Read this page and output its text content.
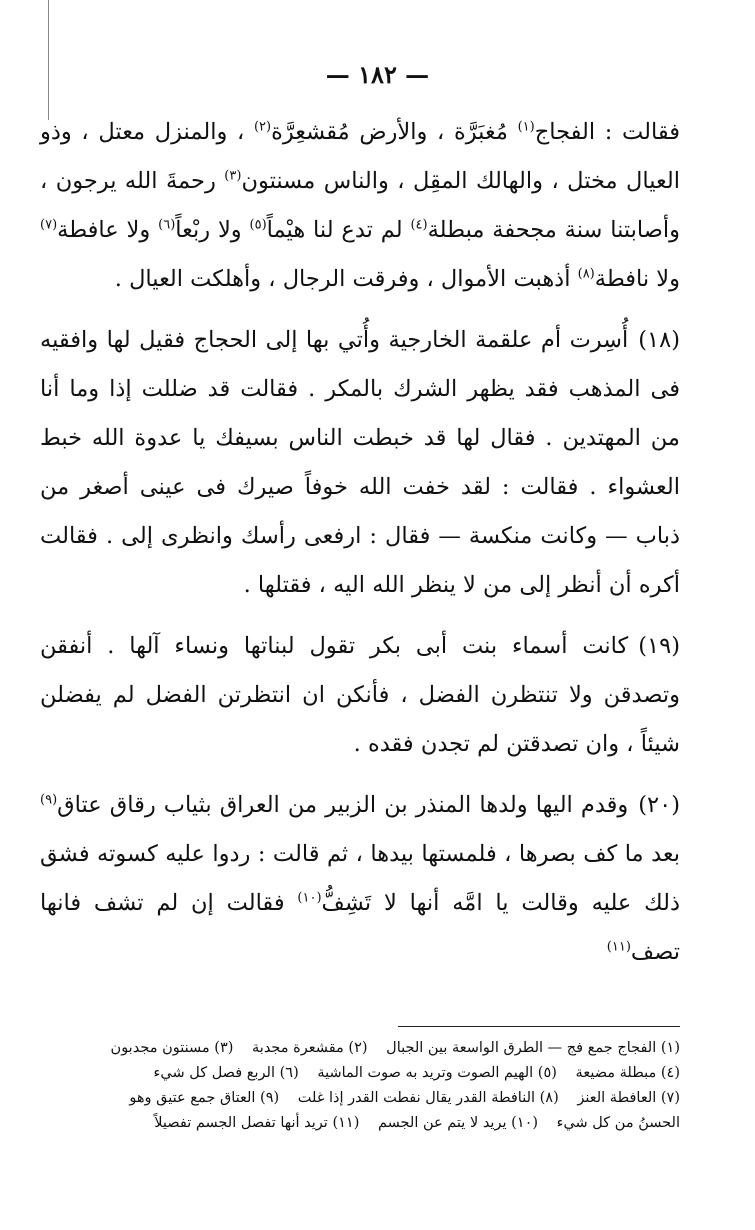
— ١٨٢ —

فقالت : الفجاج$^{(١)}$ مُغبَرَّة ، والأرض مُقشعِرَّة$^{(٢)}$ ، والمنزل معتل ، وذو العيال مختل ، والهالك المقِل ، والناس مسنتون$^{(٣)}$ رحمةَ الله يرجون ، وأصابتنا سنة مجحفة مبطلة$^{(٤)}$ لم تدع لنا هيْماً$^{(٥)}$ ولا ربْعاً$^{(٦)}$ ولا عافطة$^{(٧)}$ ولا نافطة$^{(٨)}$ أذهبت الأموال ، وفرقت الرجال ، وأهلكت العيال .

(١٨)أُسِرت أم علقمة الخارجية وأُتي بها إلى الحجاج فقيل لها وافقيه فى المذهب فقد يظهر الشرك بالمكر . فقالت قد ضللت إذا وما أنا من المهتدين . فقال لها قد خبطت الناس بسيفك يا عدوة الله خبط العشواء . فقالت : لقد خفت الله خوفاً صيرك فى عينى أصغر من ذباب — وكانت منكسة — فقال : ارفعى رأسك وانظرى إلى . فقالت أكره أن أنظر إلى من لا ينظر الله اليه ، فقتلها .

(١٩)كانت أسماء بنت أبى بكر تقول لبناتها ونساء آلها . أنفقن وتصدقن ولا تنتظرن الفضل ، فأنكن ان انتظرتن الفضل لم يفضلن شيئاً ، وان تصدقتن لم تجدن فقده .

(٢٠)وقدم اليها ولدها المنذر بن الزبير من العراق بثياب رقاق عتاق$^{(٩)}$ بعد ما كف بصرها ، فلمستها بيدها ، ثم قالت : ردوا عليه كسوته فشق ذلك عليه وقالت يا امَّه أنها لا تَشِفُّ$^{(١٠)}$ فقالت إن لم تشف فانها تصف$^{(١١)}$

(١) الفجاج جمع فج — الطرق الواسعة بين الجبال (٢) مقشعرة مجدبة (٣) مسنتون مجدبون
(٤) مبطلة مضيعة (٥) الهيم الصوت وتريد به صوت الماشية (٦) الربع فصل كل شيء
(٧) العافطة العنز (٨) النافطة القدر يقال نفطت القدر إذا غلت (٩) العتاق جمع عتيق وهو
الحسنُ من كل شيء (١٠) يريد لا يتم عن الجسم (١١) تريد أنها تفصل الجسم تفصيلاً
